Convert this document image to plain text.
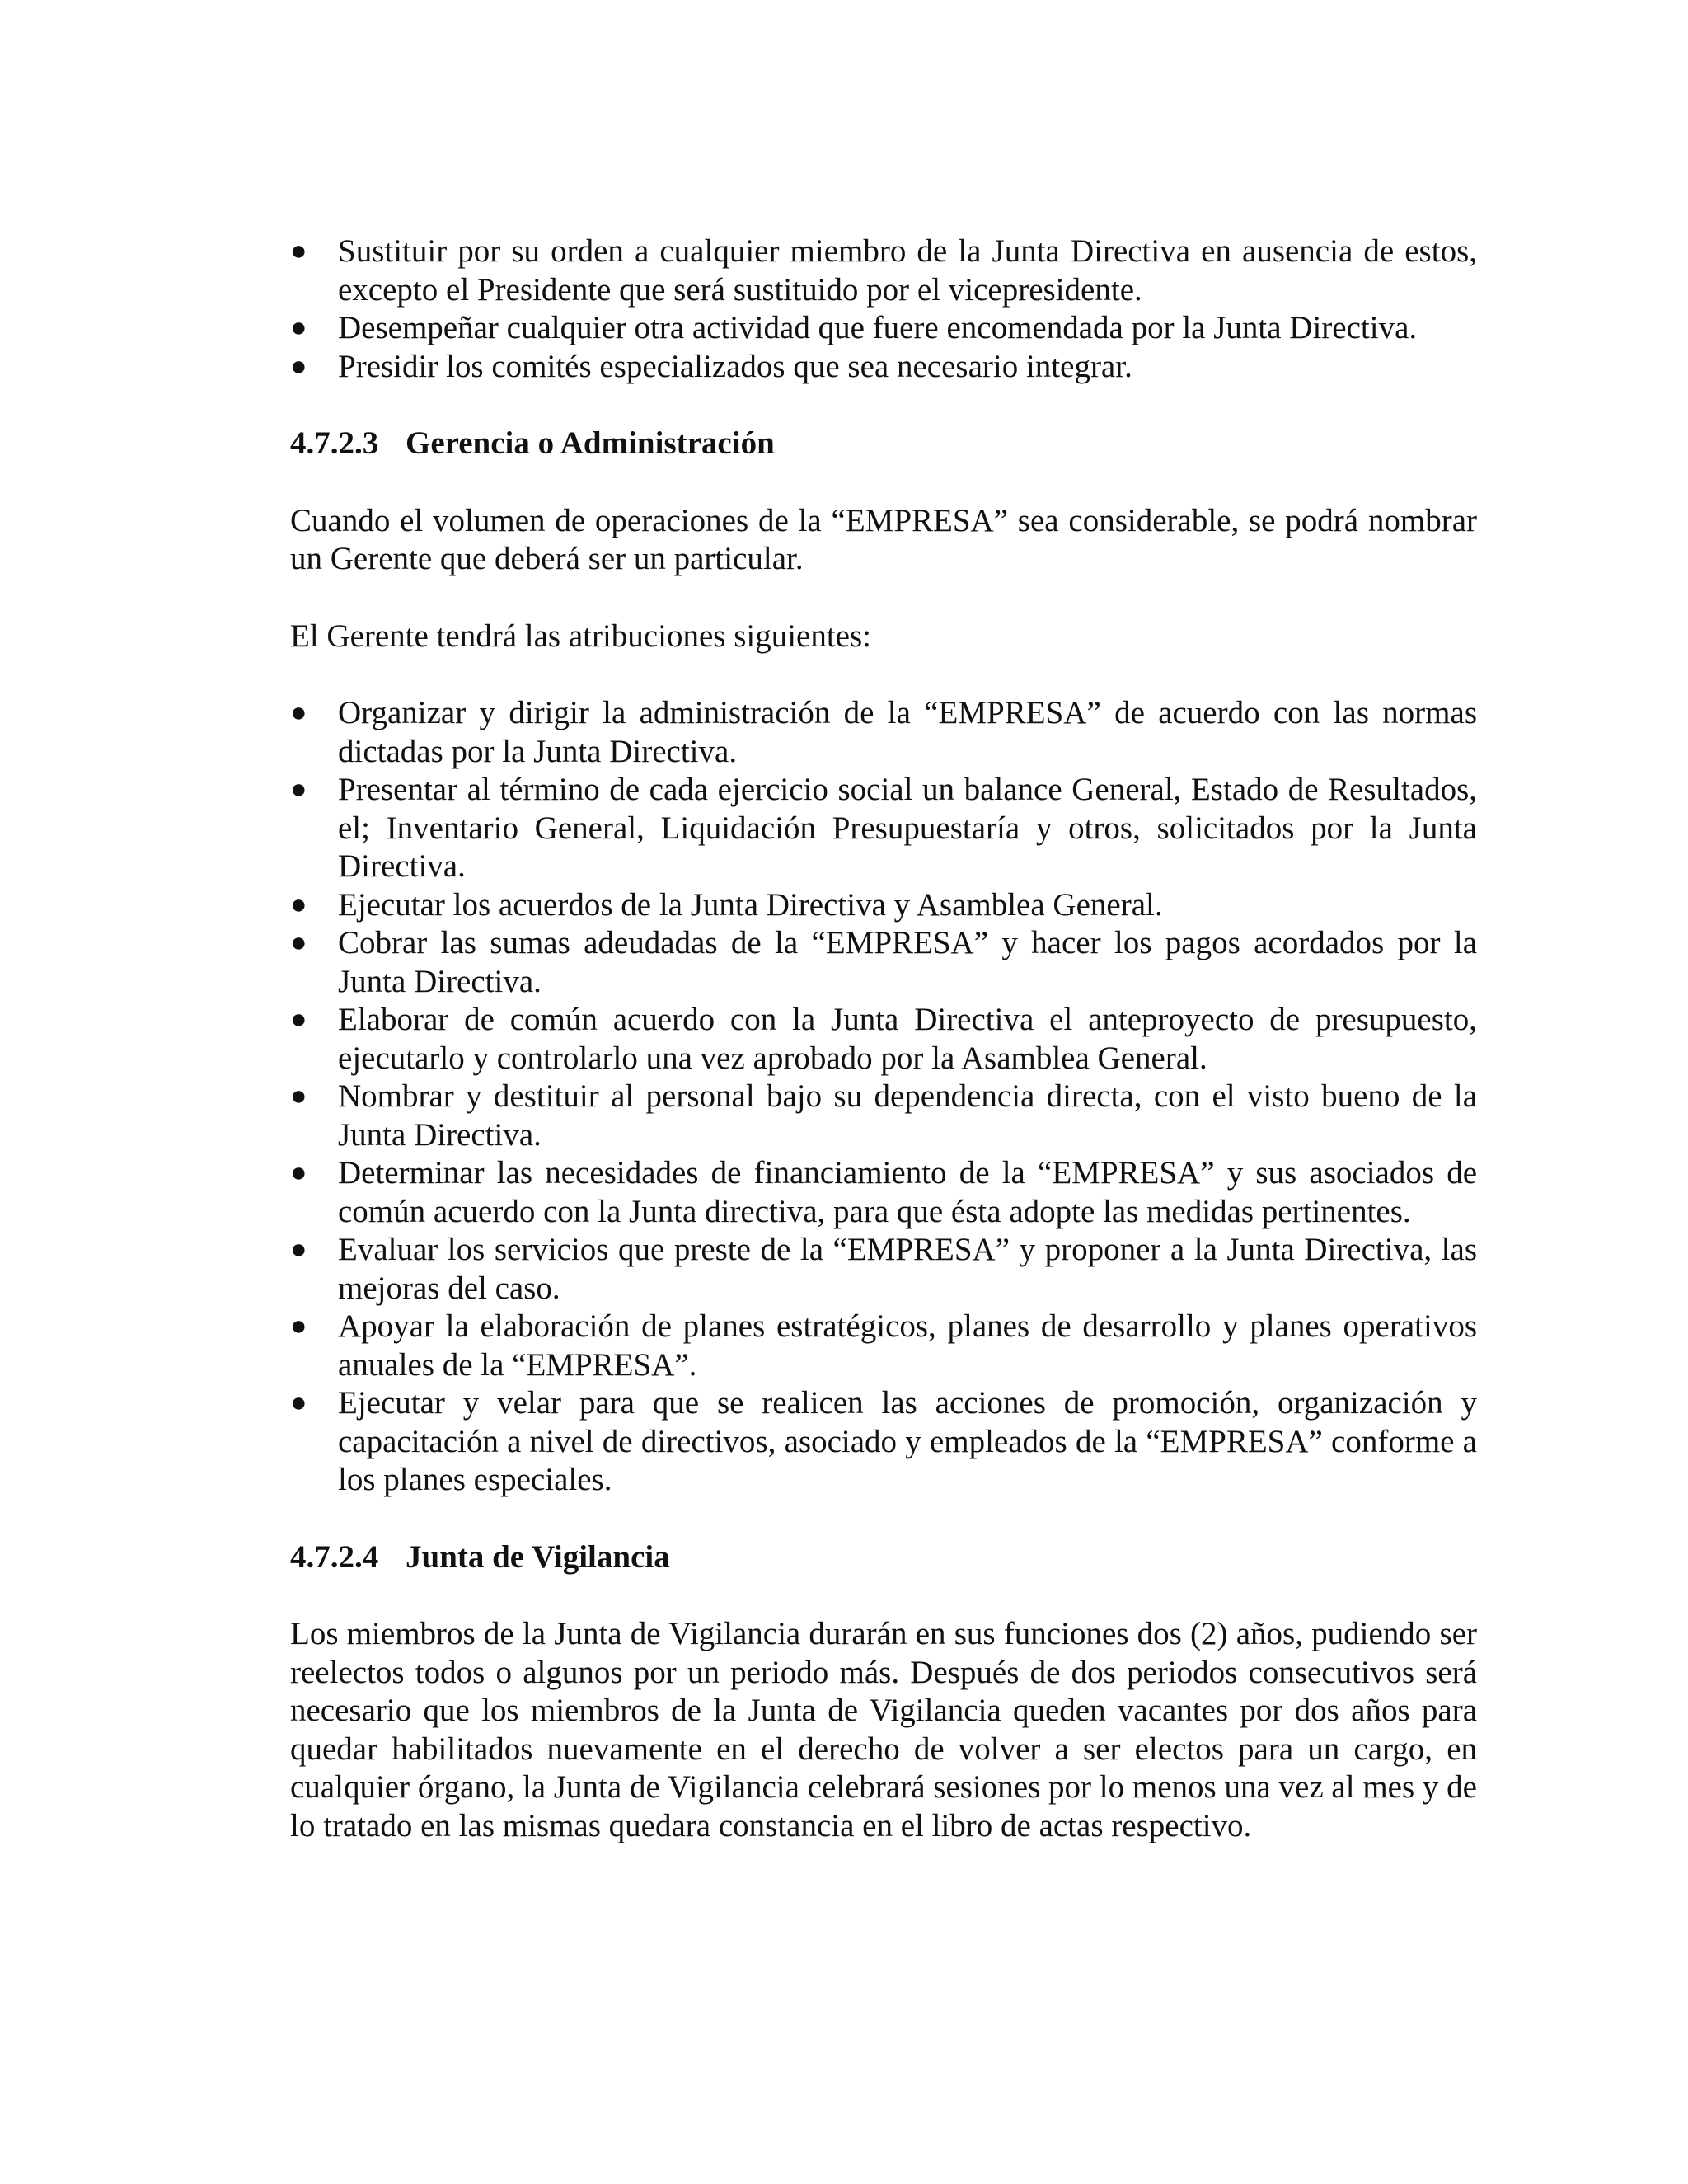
● Sustituir por su orden a cualquier miembro de la Junta Directiva en ausencia de estos, excepto el Presidente que será sustituido por el vicepresidente.
● Desempeñar cualquier otra actividad que fuere encomendada por la Junta Directiva.
● Presidir los comités especializados que sea necesario integrar.
4.7.2.3 Gerencia o Administración

Cuando el volumen de operaciones de la “EMPRESA” sea considerable, se podrá nombrar un Gerente que deberá ser un particular.

El Gerente tendrá las atribuciones siguientes:

● Organizar y dirigir la administración de la “EMPRESA” de acuerdo con las normas dictadas por la Junta Directiva.
● Presentar al término de cada ejercicio social un balance General, Estado de Resultados, el; Inventario General, Liquidación Presupuestaría y otros, solicitados por la Junta Directiva.
● Ejecutar los acuerdos de la Junta Directiva y Asamblea General.
● Cobrar las sumas adeudadas de la “EMPRESA” y hacer los pagos acordados por la Junta Directiva.
● Elaborar de común acuerdo con la Junta Directiva el anteproyecto de presupuesto, ejecutarlo y controlarlo una vez aprobado por la Asamblea General.
● Nombrar y destituir al personal bajo su dependencia directa, con el visto bueno de la Junta Directiva.
● Determinar las necesidades de financiamiento de la “EMPRESA” y sus asociados de común acuerdo con la Junta directiva, para que ésta adopte las medidas pertinentes.
● Evaluar los servicios que preste de la “EMPRESA” y proponer a la Junta Directiva, las mejoras del caso.
● Apoyar la elaboración de planes estratégicos, planes de desarrollo y planes operativos anuales de la “EMPRESA”.
● Ejecutar y velar para que se realicen las acciones de promoción, organización y capacitación a nivel de directivos, asociado y empleados de la “EMPRESA” conforme a los planes especiales.
4.7.2.4 Junta de Vigilancia

Los miembros de la Junta de Vigilancia durarán en sus funciones dos (2) años, pudiendo ser reelectos todos o algunos por un periodo más. Después de dos periodos consecutivos será necesario que los miembros de la Junta de Vigilancia queden vacantes por dos años para quedar habilitados nuevamente en el derecho de volver a ser electos para un cargo, en cualquier órgano, la Junta de Vigilancia celebrará sesiones por lo menos una vez al mes y de lo tratado en las mismas quedara constancia en el libro de actas respectivo.
